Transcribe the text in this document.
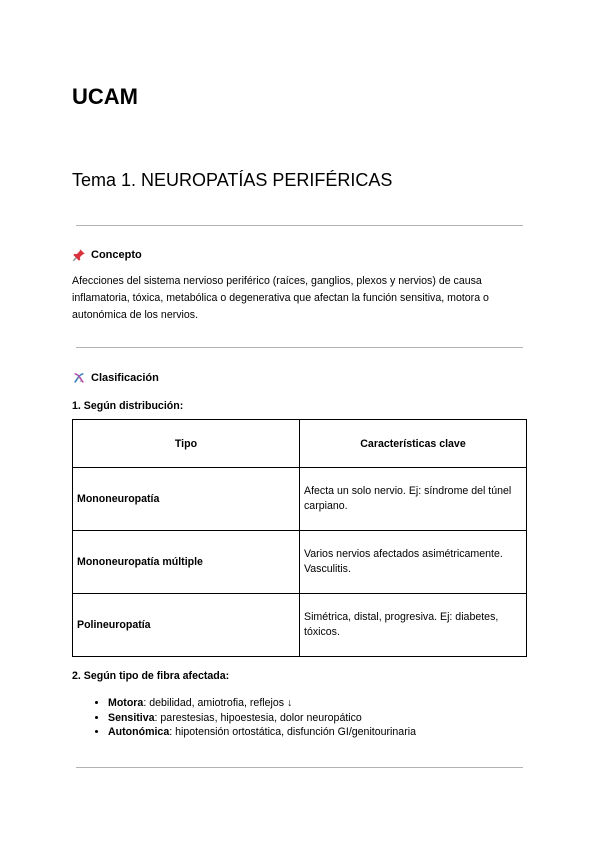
UCAM
Tema 1. NEUROPATÍAS PERIFÉRICAS
Concepto

Afecciones del sistema nervioso periférico (raíces, ganglios, plexos y nervios) de causa inflamatoria, tóxica, metabólica o degenerativa que afectan la función sensitiva, motora o autonómica de los nervios.

Clasificación

1. Según distribución:

Tipo	Características clave
Mononeuropatía	Afecta un solo nervio. Ej: síndrome del túnel carpiano.
Mononeuropatía múltiple	Varios nervios afectados asimétricamente. Vasculitis.
Polineuropatía	Simétrica, distal, progresiva. Ej: diabetes, tóxicos.

2. Según tipo de fibra afectada:

• Motora: debilidad, amiotrofia, reflejos ↓
• Sensitiva: parestesias, hipoestesia, dolor neuropático
• Autonómica: hipotensión ortostática, disfunción GI/genitourinaria
